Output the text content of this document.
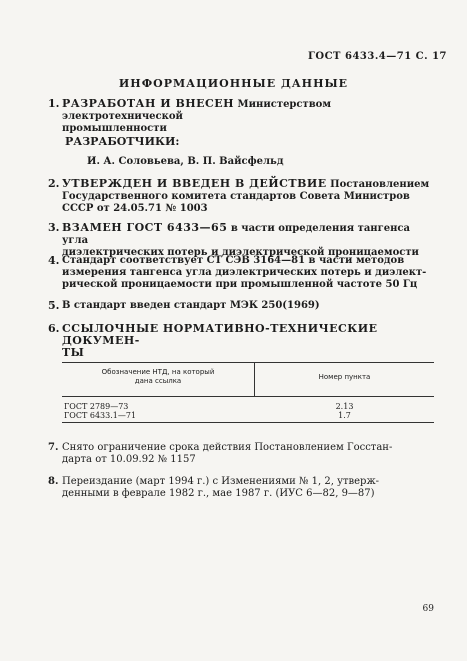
ГОСТ 6433.4—71 С. 17
ИНФОРМАЦИОННЫЕ ДАННЫЕ
1. РАЗРАБОТАН И ВНЕСЕН Министерством электротехнической
промышленности
РАЗРАБОТЧИКИ:
И. А. Соловьева, В. П. Вайсфельд
2. УТВЕРЖДЕН И ВВЕДЕН В ДЕЙСТВИЕ Постановлением
Государственного комитета стандартов Совета Министров
СССР от 24.05.71 № 1003
3. ВЗАМЕН ГОСТ 6433—65 в части определения тангенса угла
диэлектрических потерь и диэлектрической проницаемости
4. Стандарт соответствует СТ СЭВ 3164—81 в части методов
измерения тангенса угла диэлектрических потерь и диэлект-
рической проницаемости при промышленной частоте 50 Гц
5. В стандарт введен стандарт МЭК 250(1969)
6. ССЫЛОЧНЫЕ НОРМАТИВНО-ТЕХНИЧЕСКИЕ ДОКУМЕН-
ТЫ
Обозначение НТД, на который
дана ссылка	Номер пункта
ГОСТ 2789—73
ГОСТ 6433.1—71
2.13
1.7
7. Снято ограничение срока действия Постановлением Госстан-
дарта от 10.09.92 № 1157
8. Переиздание (март 1994 г.) с Изменениями № 1, 2, утверж-
денными в феврале 1982 г., мае 1987 г. (ИУС 6—82, 9—87)
69
